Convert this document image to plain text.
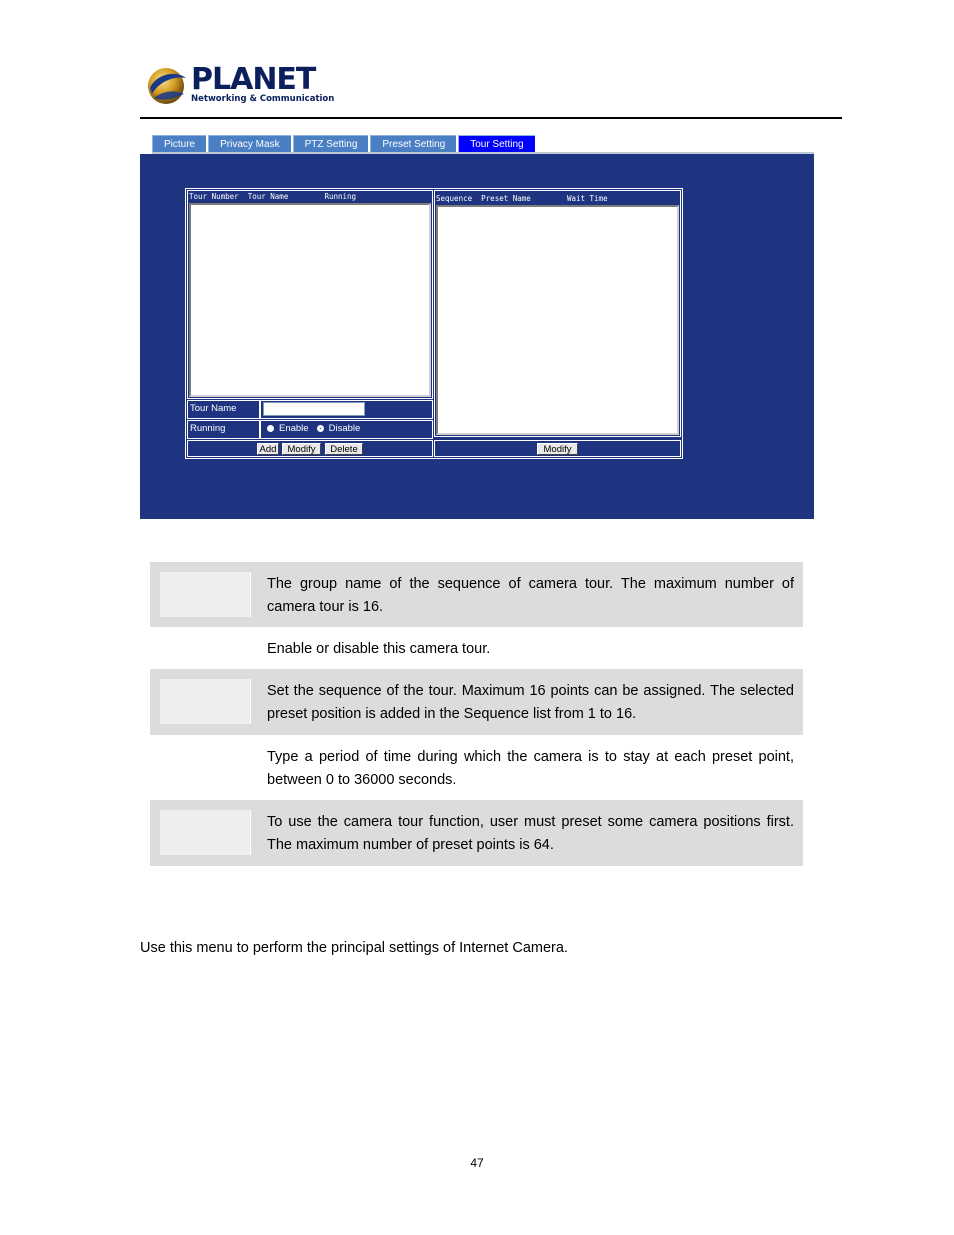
PLANET
Networking & Communication
Picture	Privacy Mask	PTZ Setting	Preset Setting	Tour Setting
Tour Number  Tour Name        Running	Sequence  Preset Name        Wait Time
Tour Name
Running	Enable Disable
Add	Modify	Delete	Modify
The group name of the sequence of camera tour. The maximum number of camera tour is 16.
Enable or disable this camera tour.
Set the sequence of the tour. Maximum 16 points can be assigned. The selected preset position is added in the Sequence list from 1 to 16.
Type a period of time during which the camera is to stay at each preset point, between 0 to 36000 seconds.
To use the camera tour function, user must preset some camera positions first. The maximum number of preset points is 64.
Use this menu to perform the principal settings of Internet Camera.
47
